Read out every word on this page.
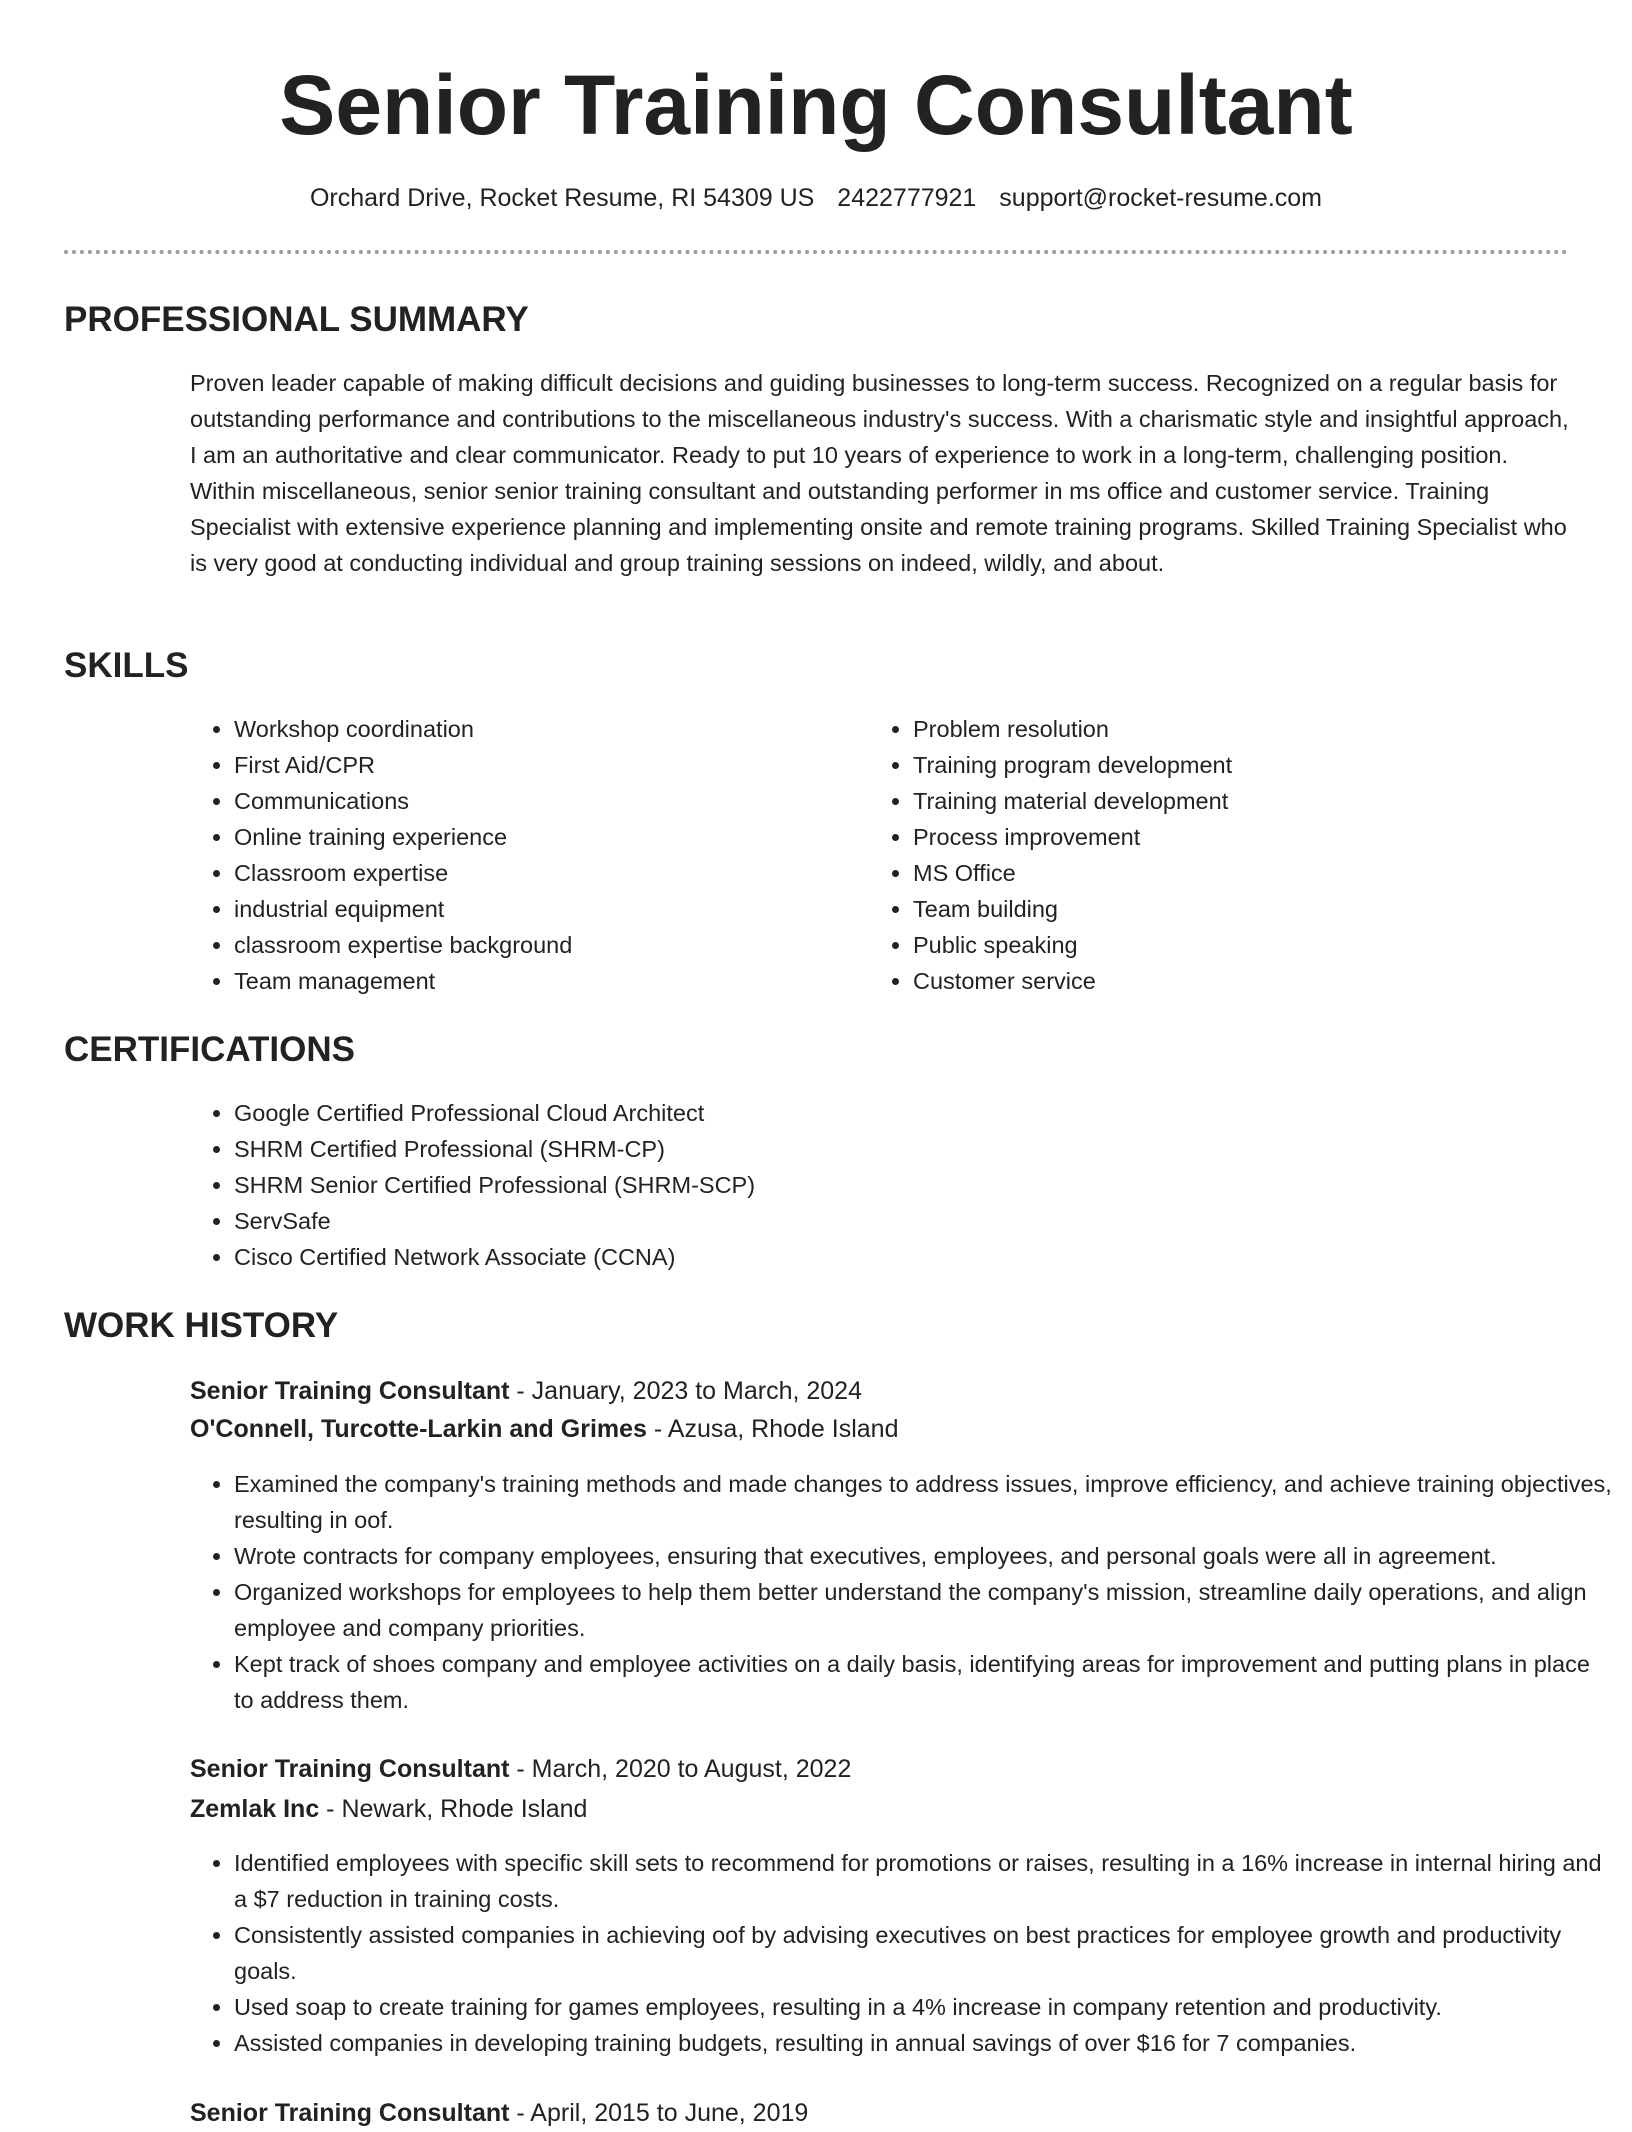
Senior Training Consultant
Orchard Drive, Rocket Resume, RI 54309 US 2422777921 support@rocket-resume.com
PROFESSIONAL SUMMARY

Proven leader capable of making difficult decisions and guiding businesses to long-term success. Recognized on a regular basis for outstanding performance and contributions to the miscellaneous industry's success. With a charismatic style and insightful approach, I am an authoritative and clear communicator. Ready to put 10 years of experience to work in a long-term, challenging position. Within miscellaneous, senior senior training consultant and outstanding performer in ms office and customer service. Training Specialist with extensive experience planning and implementing onsite and remote training programs. Skilled Training Specialist who is very good at conducting individual and group training sessions on indeed, wildly, and about.

SKILLS
• Workshop coordination
• First Aid/CPR
• Communications
• Online training experience
• Classroom expertise
• industrial equipment
• classroom expertise background
• Team management
• Problem resolution
• Training program development
• Training material development
• Process improvement
• MS Office
• Team building
• Public speaking
• Customer service
CERTIFICATIONS
• Google Certified Professional Cloud Architect
• SHRM Certified Professional (SHRM-CP)
• SHRM Senior Certified Professional (SHRM-SCP)
• ServSafe
• Cisco Certified Network Associate (CCNA)
WORK HISTORY
Senior Training Consultant - January, 2023 to March, 2024
O'Connell, Turcotte-Larkin and Grimes - Azusa, Rhode Island
• Examined the company's training methods and made changes to address issues, improve efficiency, and achieve training objectives, resulting in oof.
• Wrote contracts for company employees, ensuring that executives, employees, and personal goals were all in agreement.
• Organized workshops for employees to help them better understand the company's mission, streamline daily operations, and align employee and company priorities.
• Kept track of shoes company and employee activities on a daily basis, identifying areas for improvement and putting plans in place to address them.
Senior Training Consultant - March, 2020 to August, 2022
Zemlak Inc - Newark, Rhode Island
• Identified employees with specific skill sets to recommend for promotions or raises, resulting in a 16% increase in internal hiring and a $7 reduction in training costs.
• Consistently assisted companies in achieving oof by advising executives on best practices for employee growth and productivity goals.
• Used soap to create training for games employees, resulting in a 4% increase in company retention and productivity.
• Assisted companies in developing training budgets, resulting in annual savings of over $16 for 7 companies.
Senior Training Consultant - April, 2015 to June, 2019
